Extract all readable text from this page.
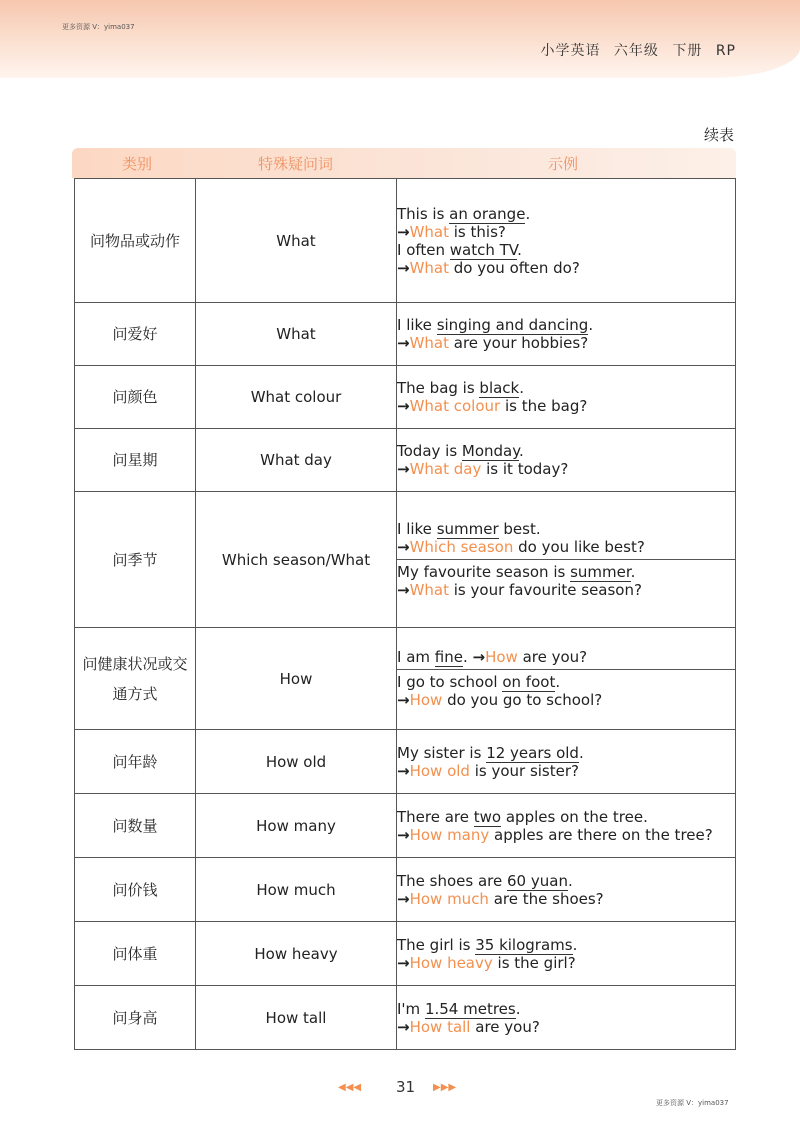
更多资源 V：yima037
小学英语 六年级 下册 RP
续表
类别	特殊疑问词	示例
问物品或动作	What	This is an orange.
→What is this?
I often watch TV.
→What do you often do?

问爱好	What	I like singing and dancing.
→What are your hobbies?

问颜色	What colour	The bag is black.
→What colour is the bag?

问星期	What day	Today is Monday.
→What day is it today?

问季节	Which season/What	I like summer best.
→Which season do you like best?
My favourite season is summer.
→What is your favourite season?

问健康状况或交通方式	How	I am fine. →How are you?
I go to school on foot.
→How do you go to school?

问年龄	How old	My sister is 12 years old.
→How old is your sister?

问数量	How many	There are two apples on the tree.
→How many apples are there on the tree?

问价钱	How much	The shoes are 60 yuan.
→How much are the shoes?

问体重	How heavy	The girl is 35 kilograms.
→How heavy is the girl?

问身高	How tall	I'm 1.54 metres.
→How tall are you?
◀◀◀ 31 ▶▶▶
更多资源 V：yima037
